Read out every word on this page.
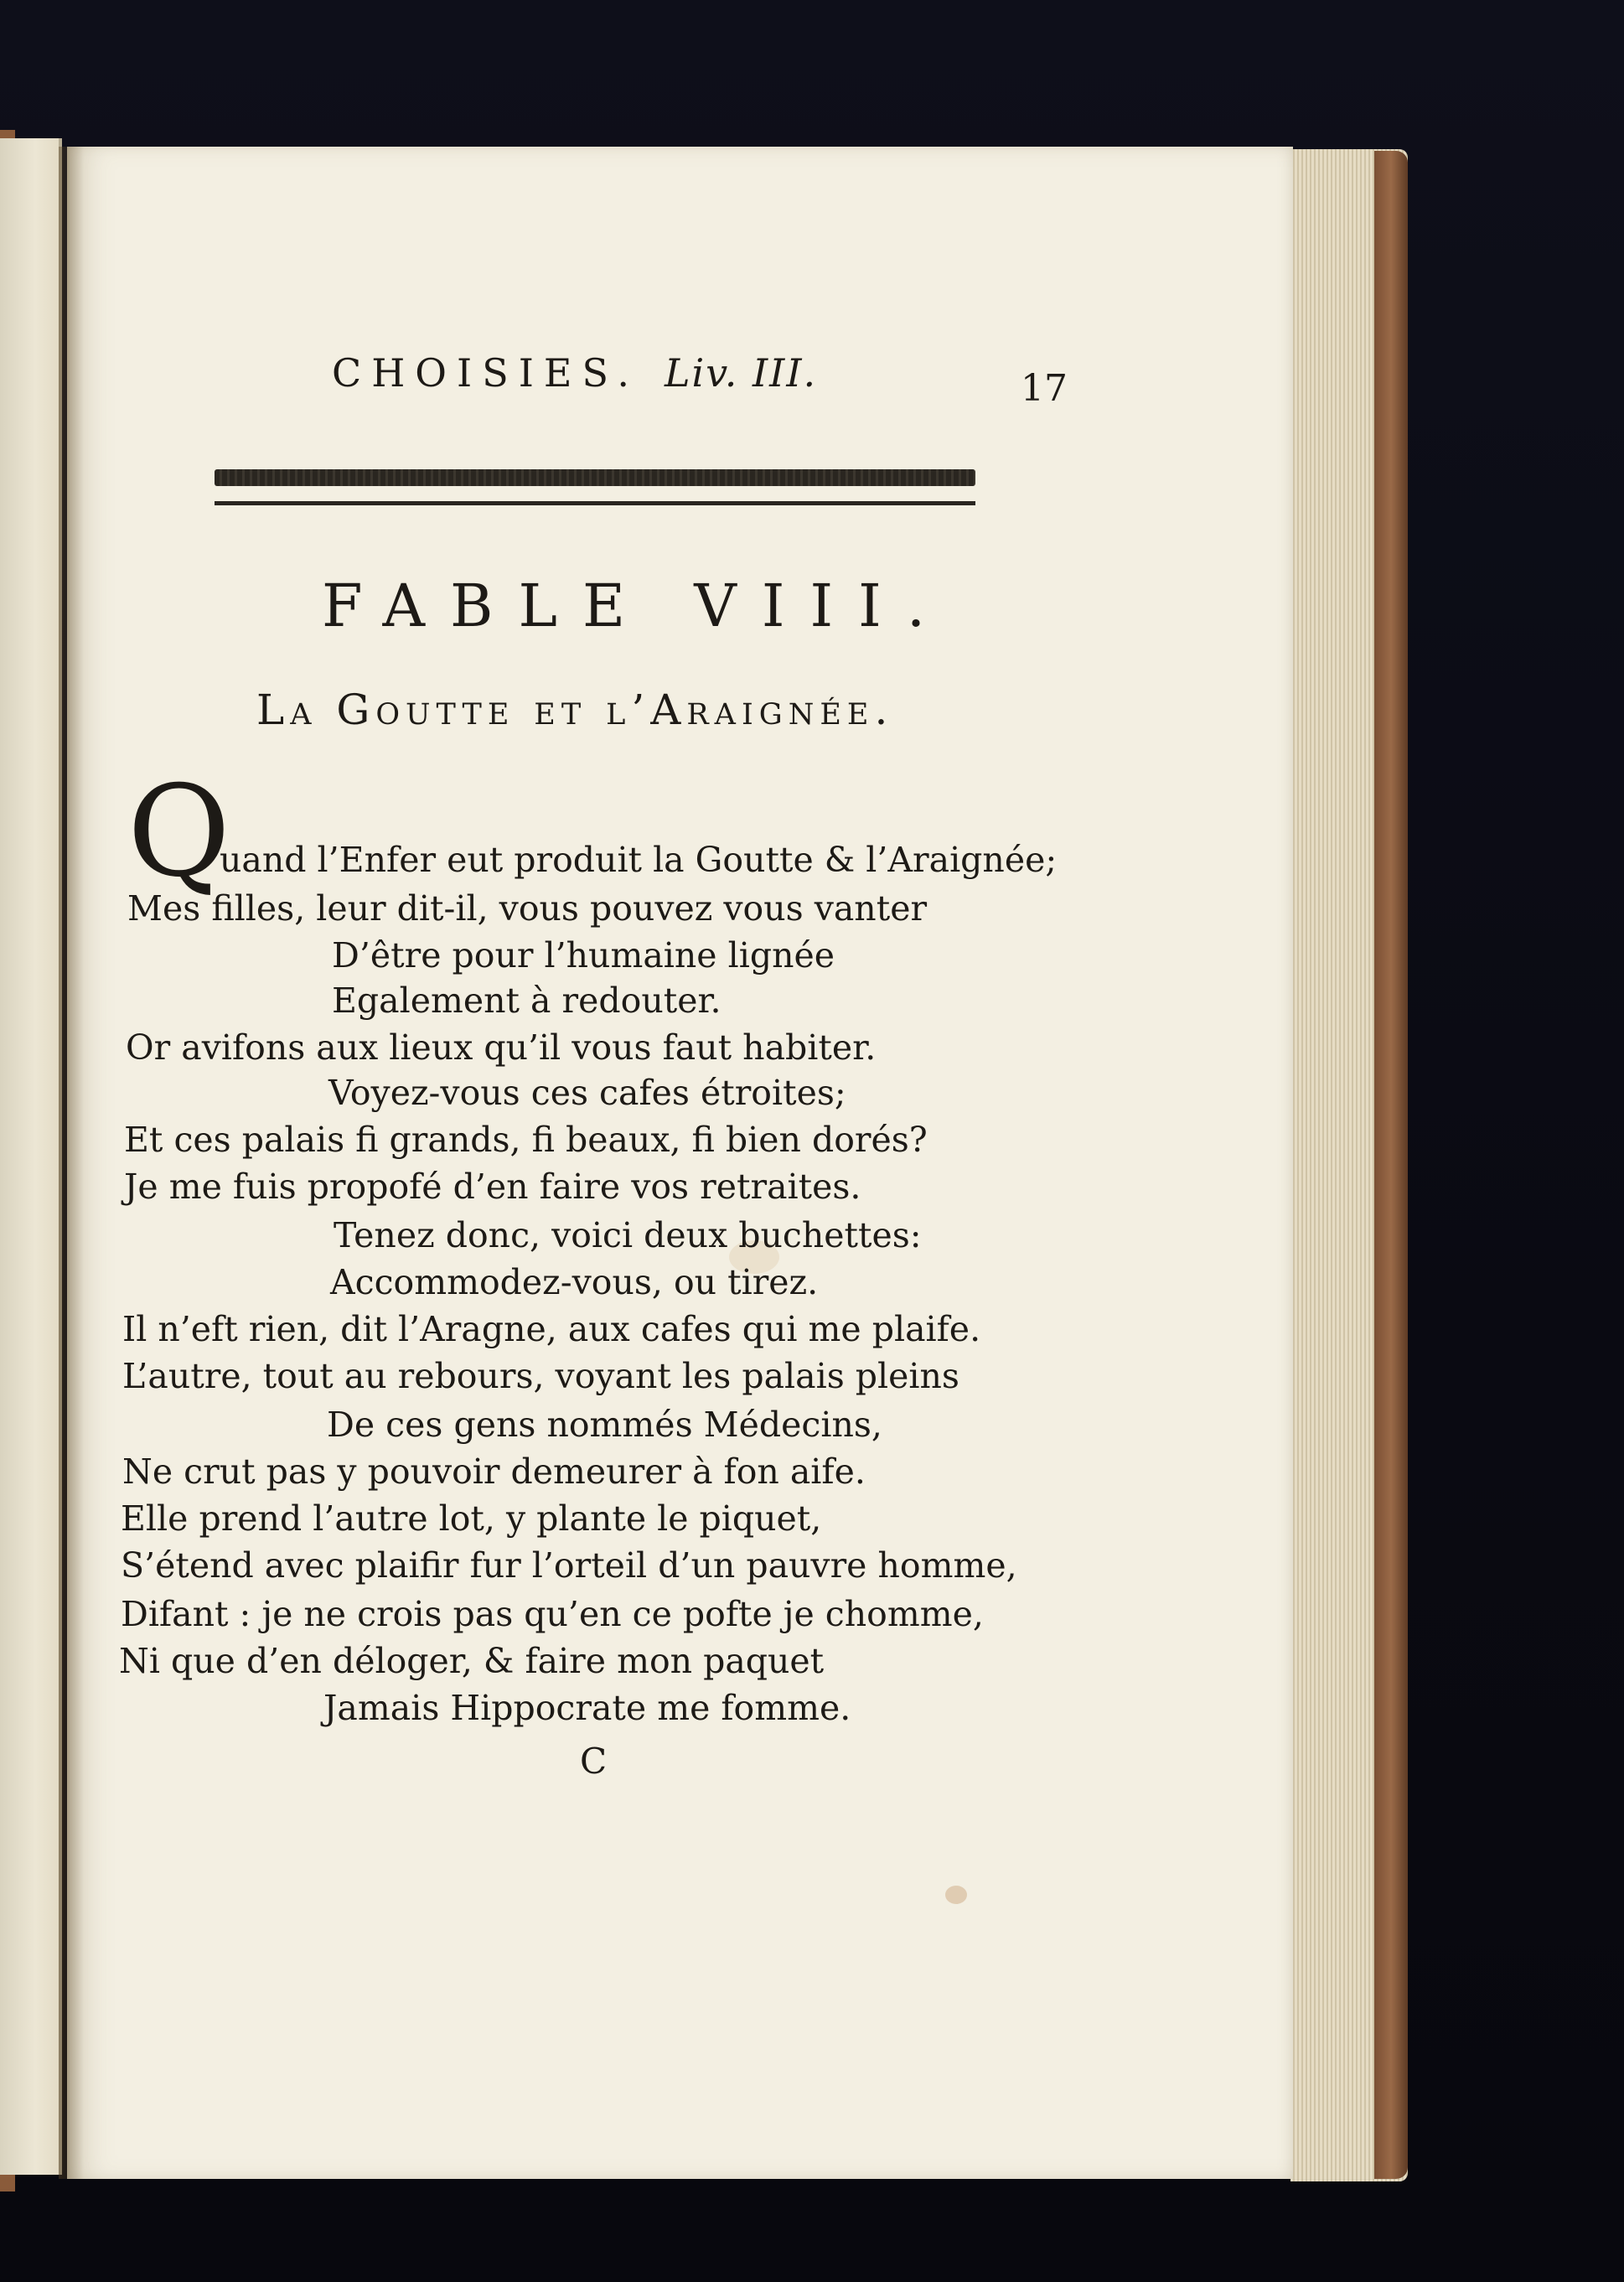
CHOISIES. Liv. III.	17
FABLE VIII.
La Goutte et l’Araignée.
Q
uand l’Enfer eut produit la Goutte & l’Araignée;
Mes filles, leur dit-il, vous pouvez vous vanter
D’être pour l’humaine lignée
Egalement à redouter.
Or avifons aux lieux qu’il vous faut habiter.
Voyez-vous ces cafes étroites;
Et ces palais fi grands, fi beaux, fi bien dorés?
Je me fuis propofé d’en faire vos retraites.
Tenez donc, voici deux buchettes:
Accommodez-vous, ou tirez.
Il n’eft rien, dit l’Aragne, aux cafes qui me plaife.
L’autre, tout au rebours, voyant les palais pleins
De ces gens nommés Médecins,
Ne crut pas y pouvoir demeurer à fon aife.
Elle prend l’autre lot, y plante le piquet,
S’étend avec plaifir fur l’orteil d’un pauvre homme,
Difant : je ne crois pas qu’en ce pofte je chomme,
Ni que d’en déloger, & faire mon paquet
Jamais Hippocrate me fomme.
C
